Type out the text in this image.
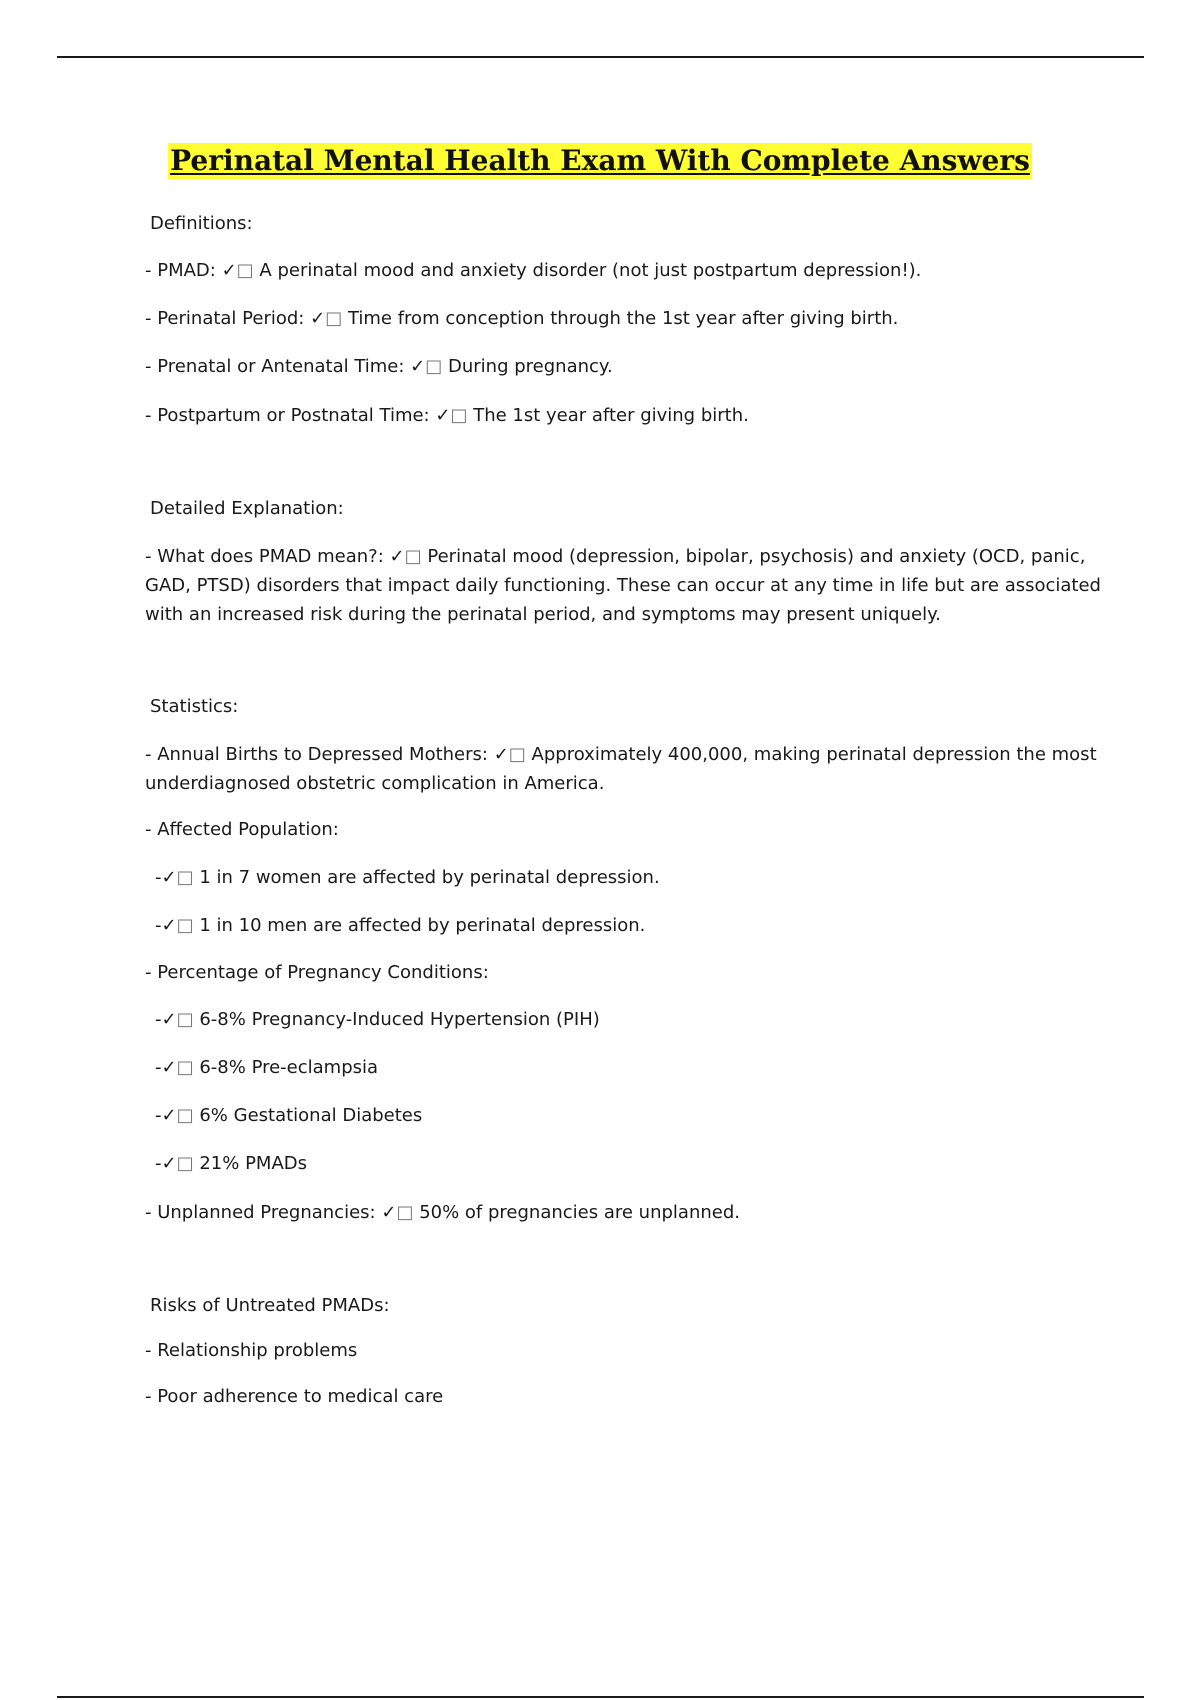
Perinatal Mental Health Exam With Complete Answers
Definitions:
- PMAD: ✓□ A perinatal mood and anxiety disorder (not just postpartum depression!).
- Perinatal Period: ✓□ Time from conception through the 1st year after giving birth.
- Prenatal or Antenatal Time: ✓□ During pregnancy.
- Postpartum or Postnatal Time: ✓□ The 1st year after giving birth.
Detailed Explanation:
- What does PMAD mean?: ✓□ Perinatal mood (depression, bipolar, psychosis) and anxiety (OCD, panic, GAD, PTSD) disorders that impact daily functioning. These can occur at any time in life but are associated with an increased risk during the perinatal period, and symptoms may present uniquely.
Statistics:
- Annual Births to Depressed Mothers: ✓□ Approximately 400,000, making perinatal depression the most underdiagnosed obstetric complication in America.
- Affected Population:
-✓□ 1 in 7 women are affected by perinatal depression.
-✓□ 1 in 10 men are affected by perinatal depression.
- Percentage of Pregnancy Conditions:
-✓□ 6-8% Pregnancy-Induced Hypertension (PIH)
-✓□ 6-8% Pre-eclampsia
-✓□ 6% Gestational Diabetes
-✓□ 21% PMADs
- Unplanned Pregnancies: ✓□ 50% of pregnancies are unplanned.
Risks of Untreated PMADs:
- Relationship problems
- Poor adherence to medical care
